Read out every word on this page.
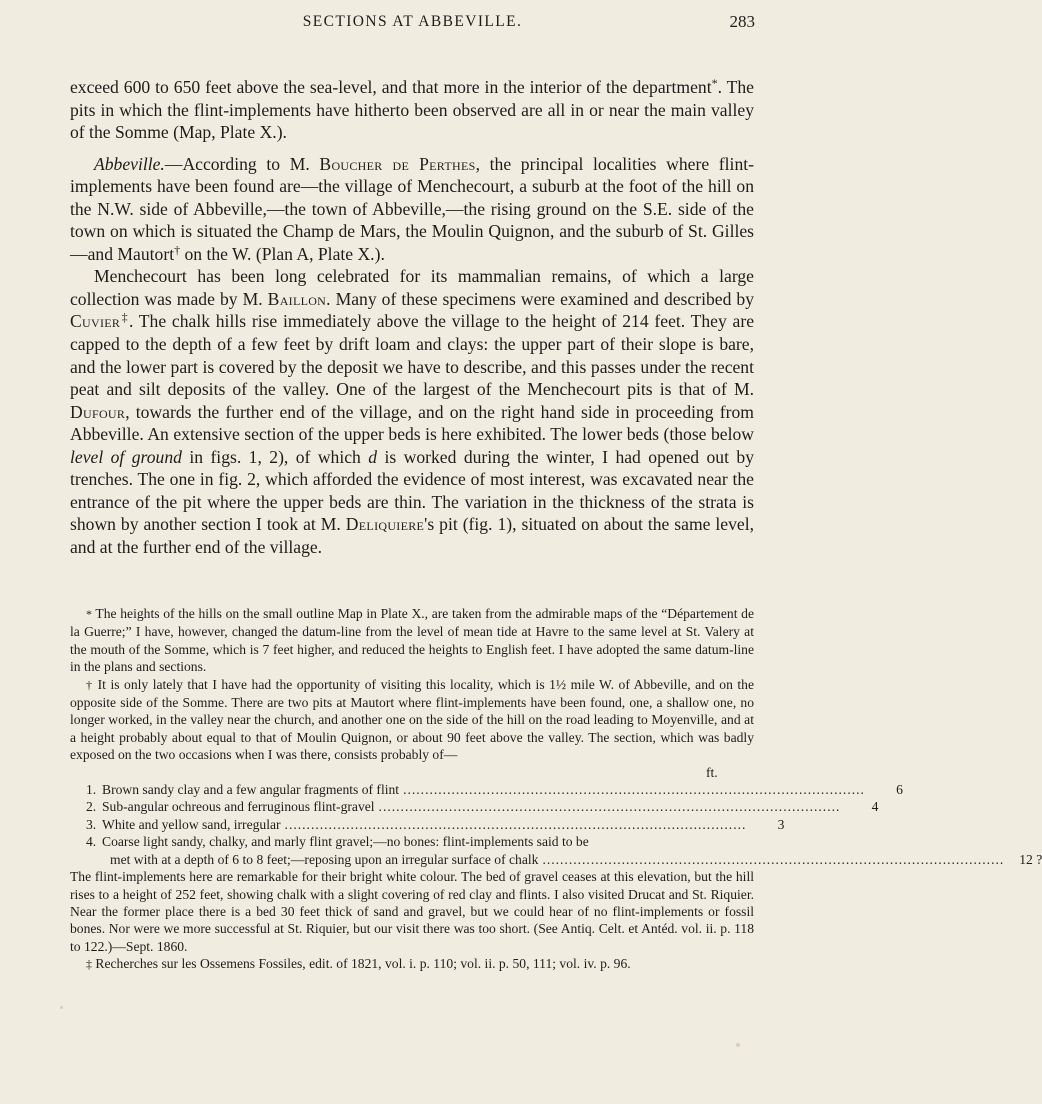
SECTIONS AT ABBEVILLE.	283

exceed 600 to 650 feet above the sea-level, and that more in the interior of the department*. The pits in which the flint-implements have hitherto been observed are all in or near the main valley of the Somme (Map, Plate X.).

Abbeville.—According to M. Boucher de Perthes, the principal localities where flint-implements have been found are—the village of Menchecourt, a suburb at the foot of the hill on the N.W. side of Abbeville,—the town of Abbeville,—the rising ground on the S.E. side of the town on which is situated the Champ de Mars, the Moulin Quignon, and the suburb of St. Gilles—and Mautort† on the W. (Plan A, Plate X.).

Menchecourt has been long celebrated for its mammalian remains, of which a large collection was made by M. Baillon. Many of these specimens were examined and described by Cuvier‡. The chalk hills rise immediately above the village to the height of 214 feet. They are capped to the depth of a few feet by drift loam and clays: the upper part of their slope is bare, and the lower part is covered by the deposit we have to describe, and this passes under the recent peat and silt deposits of the valley. One of the largest of the Menchecourt pits is that of M. Dufour, towards the further end of the village, and on the right hand side in proceeding from Abbeville. An extensive section of the upper beds is here exhibited. The lower beds (those below level of ground in figs. 1, 2), of which d is worked during the winter, I had opened out by trenches. The one in fig. 2, which afforded the evidence of most interest, was excavated near the entrance of the pit where the upper beds are thin. The variation in the thickness of the strata is shown by another section I took at M. Deliquiere's pit (fig. 1), situated on about the same level, and at the further end of the village.

* The heights of the hills on the small outline Map in Plate X., are taken from the admirable maps of the “Département de la Guerre;” I have, however, changed the datum-line from the level of mean tide at Havre to the same level at St. Valery at the mouth of the Somme, which is 7 feet higher, and reduced the heights to English feet. I have adopted the same datum-line in the plans and sections.

† It is only lately that I have had the opportunity of visiting this locality, which is 1½ mile W. of Abbeville, and on the opposite side of the Somme. There are two pits at Mautort where flint-implements have been found, one, a shallow one, no longer worked, in the valley near the church, and another one on the side of the hill on the road leading to Moyenville, and at a height probably about equal to that of Moulin Quignon, or about 90 feet above the valley. The section, which was badly exposed on the two occasions when I was there, consists probably of—

ft.
1. Brown sandy clay and a few angular fragments of flint .........................................................................................................	6
2. Sub-angular ochreous and ferruginous flint-gravel .........................................................................................................	4
3. White and yellow sand, irregular .........................................................................................................	3
4. Coarse light sandy, chalky, and marly flint gravel;—no bones: flint-implements said to be
met with at a depth of 6 to 8 feet;—reposing upon an irregular surface of chalk .........................................................................................................	12 ?

The flint-implements here are remarkable for their bright white colour. The bed of gravel ceases at this elevation, but the hill rises to a height of 252 feet, showing chalk with a slight covering of red clay and flints. I also visited Drucat and St. Riquier. Near the former place there is a bed 30 feet thick of sand and gravel, but we could hear of no flint-implements or fossil bones. Nor were we more successful at St. Riquier, but our visit there was too short. (See Antiq. Celt. et Antéd. vol. ii. p. 118 to 122.)—Sept. 1860.

‡ Recherches sur les Ossemens Fossiles, edit. of 1821, vol. i. p. 110; vol. ii. p. 50, 111; vol. iv. p. 96.
